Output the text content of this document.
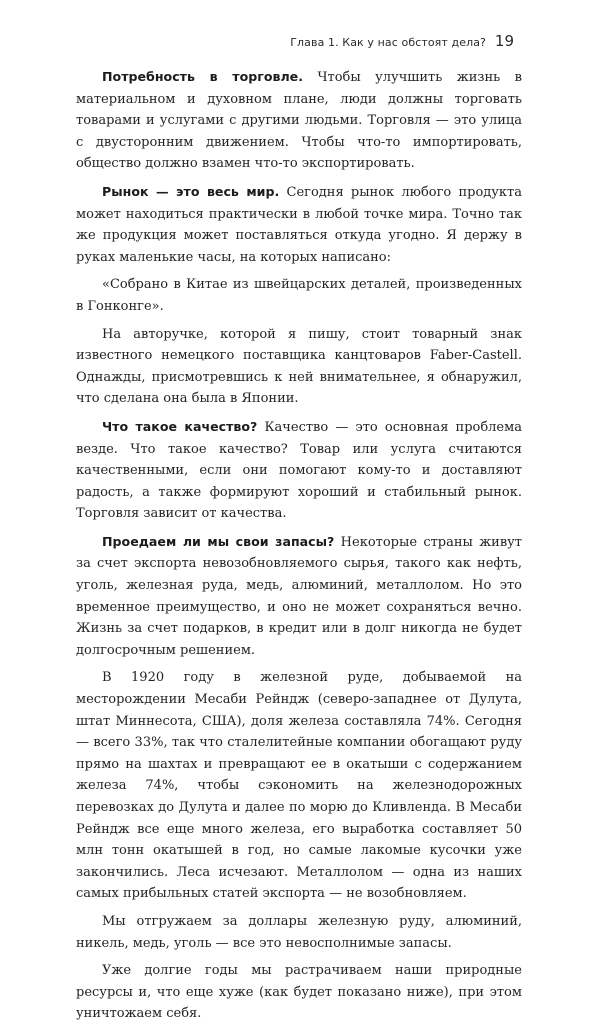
Глава 1. Как у нас обстоят дела? 19

Потребность в торговле. Чтобы улучшить жизнь в материальном и духовном плане, люди должны торговать товарами и услугами с другими людьми. Торговля — это улица с двусторонним движением. Чтобы что-то импортировать, общество должно взамен что-то экспортировать.

Рынок — это весь мир. Сегодня рынок любого продукта может находиться практически в любой точке мира. Точно так же продукция может поставляться откуда угодно. Я держу в руках маленькие часы, на которых написано:

«Собрано в Китае из швейцарских деталей, произведенных в Гонконге».

На авторучке, которой я пишу, стоит товарный знак известного немецкого поставщика канцтоваров Faber-Castell. Однажды, присмотревшись к ней внимательнее, я обнаружил, что сделана она была в Японии.

Что такое качество? Качество — это основная проблема везде. Что такое качество? Товар или услуга считаются качественными, если они помогают кому-то и доставляют радость, а также формируют хороший и стабильный рынок. Торговля зависит от качества.

Проедаем ли мы свои запасы? Некоторые страны живут за счет экспорта невозобновляемого сырья, такого как нефть, уголь, железная руда, медь, алюминий, металлолом. Но это временное преимущество, и оно не может сохраняться вечно. Жизнь за счет подарков, в кредит или в долг никогда не будет долгосрочным решением.

В 1920 году в железной руде, добываемой на месторождении Месаби Рейндж (северо-западнее от Дулута, штат Миннесота, США), доля железа составляла 74%. Сегодня — всего 33%, так что сталелитейные компании обогащают руду прямо на шахтах и превращают ее в окатыши с содержанием железа 74%, чтобы сэкономить на железнодорожных перевозках до Дулута и далее по морю до Кливленда. В Месаби Рейндж все еще много железа, его выработка составляет 50 млн тонн окатышей в год, но самые лакомые кусочки уже закончились. Леса исчезают. Металлолом — одна из наших самых прибыльных статей экспорта — не возобновляем.

Мы отгружаем за доллары железную руду, алюминий, никель, медь, уголь — все это невосполнимые запасы.

Уже долгие годы мы растрачиваем наши природные ресурсы и, что еще хуже (как будет показано ниже), при этом уничтожаем себя.
